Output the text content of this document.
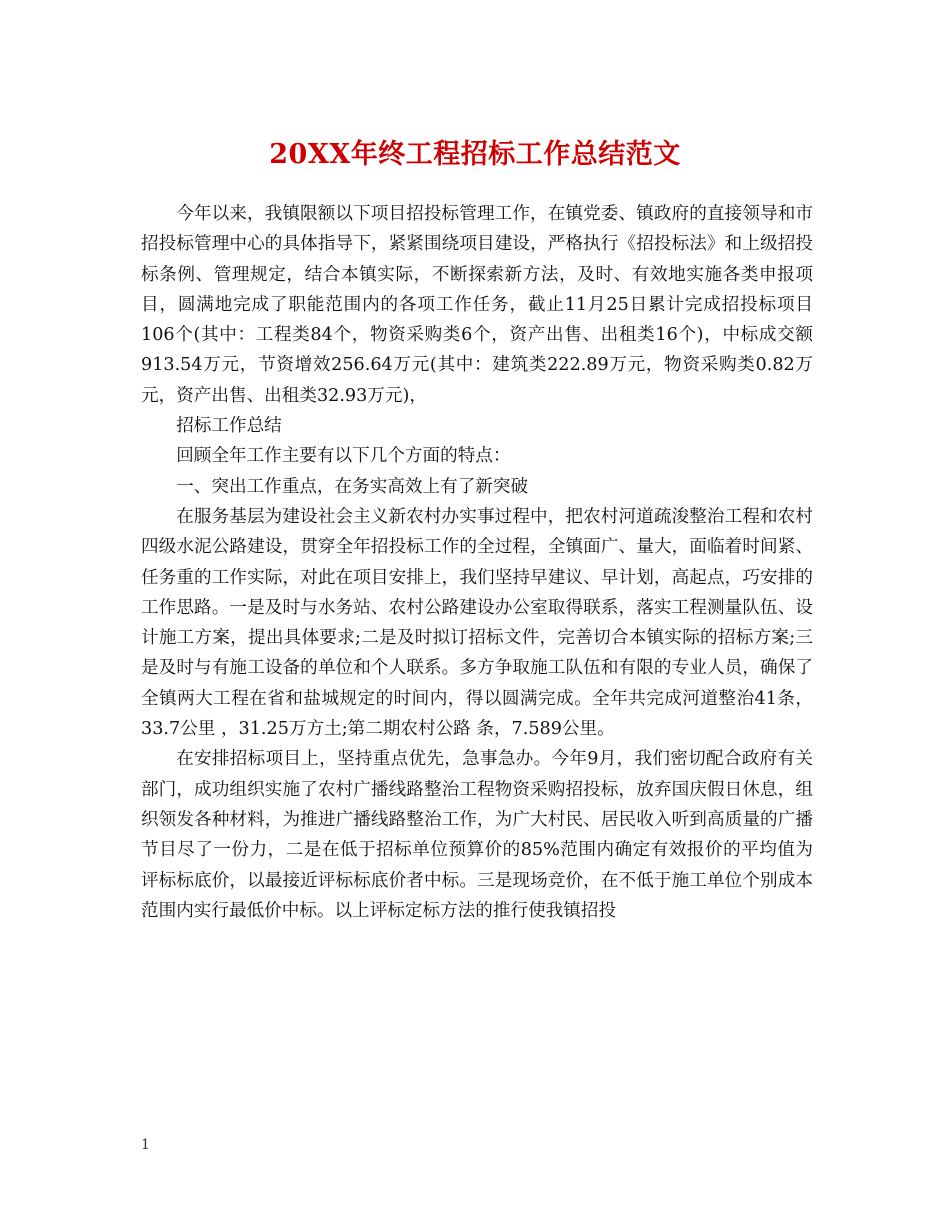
20XX年终工程招标工作总结范文

今年以来，我镇限额以下项目招投标管理工作，在镇党委、镇政府的直接领导和市招投标管理中心的具体指导下，紧紧围绕项目建设，严格执行《招投标法》和上级招投标条例、管理规定，结合本镇实际，不断探索新方法，及时、有效地实施各类申报项目，圆满地完成了职能范围内的各项工作任务，截止11月25日累计完成招投标项目106个(其中：工程类84个，物资采购类6个，资产出售、出租类16个)，中标成交额913.54万元，节资增效256.64万元(其中：建筑类222.89万元，物资采购类0.82万元，资产出售、出租类32.93万元)，

招标工作总结

回顾全年工作主要有以下几个方面的特点：

一、突出工作重点，在务实高效上有了新突破

在服务基层为建设社会主义新农村办实事过程中，把农村河道疏浚整治工程和农村四级水泥公路建设，贯穿全年招投标工作的全过程，全镇面广、量大，面临着时间紧、任务重的工作实际，对此在项目安排上，我们坚持早建议、早计划，高起点，巧安排的工作思路。一是及时与水务站、农村公路建设办公室取得联系，落实工程测量队伍、设计施工方案，提出具体要求;二是及时拟订招标文件，完善切合本镇实际的招标方案;三是及时与有施工设备的单位和个人联系。多方争取施工队伍和有限的专业人员，确保了全镇两大工程在省和盐城规定的时间内，得以圆满完成。全年共完成河道整治41条，33.7公里 ，31.25万方土;第二期农村公路 条，7.589公里。

在安排招标项目上，坚持重点优先，急事急办。今年9月，我们密切配合政府有关部门，成功组织实施了农村广播线路整治工程物资采购招投标，放弃国庆假日休息，组织领发各种材料，为推进广播线路整治工作，为广大村民、居民收入听到高质量的广播节目尽了一份力，二是在低于招标单位预算价的85%范围内确定有效报价的平均值为评标标底价，以最接近评标标底价者中标。三是现场竞价，在不低于施工单位个别成本范围内实行最低价中标。以上评标定标方法的推行使我镇招投

1
